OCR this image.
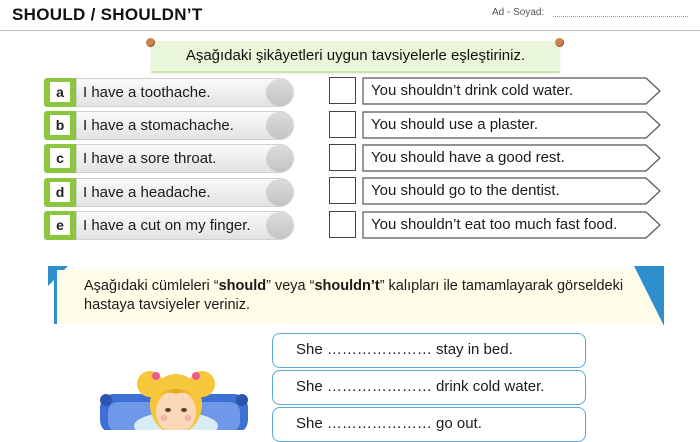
SHOULD / SHOULDN’T	Ad - Soyad:
Aşağıdaki şikâyetleri uygun tavsiyelerle eşleştiriniz.
a	I have a toothache.
b	I have a stomachache.
c	I have a sore throat.
d	I have a headache.
e	I have a cut on my finger.
You shouldn’t drink cold water.
You should use a plaster.
You should have a good rest.
You should go to the dentist.
You shouldn’t eat too much fast food.
Aşağıdaki cümleleri “should” veya “shouldn’t” kalıpları ile tamamlayarak görseldeki hastaya tavsiyeler veriniz.
She ………………… stay in bed.
She ………………… drink cold water.
She ………………… go out.
